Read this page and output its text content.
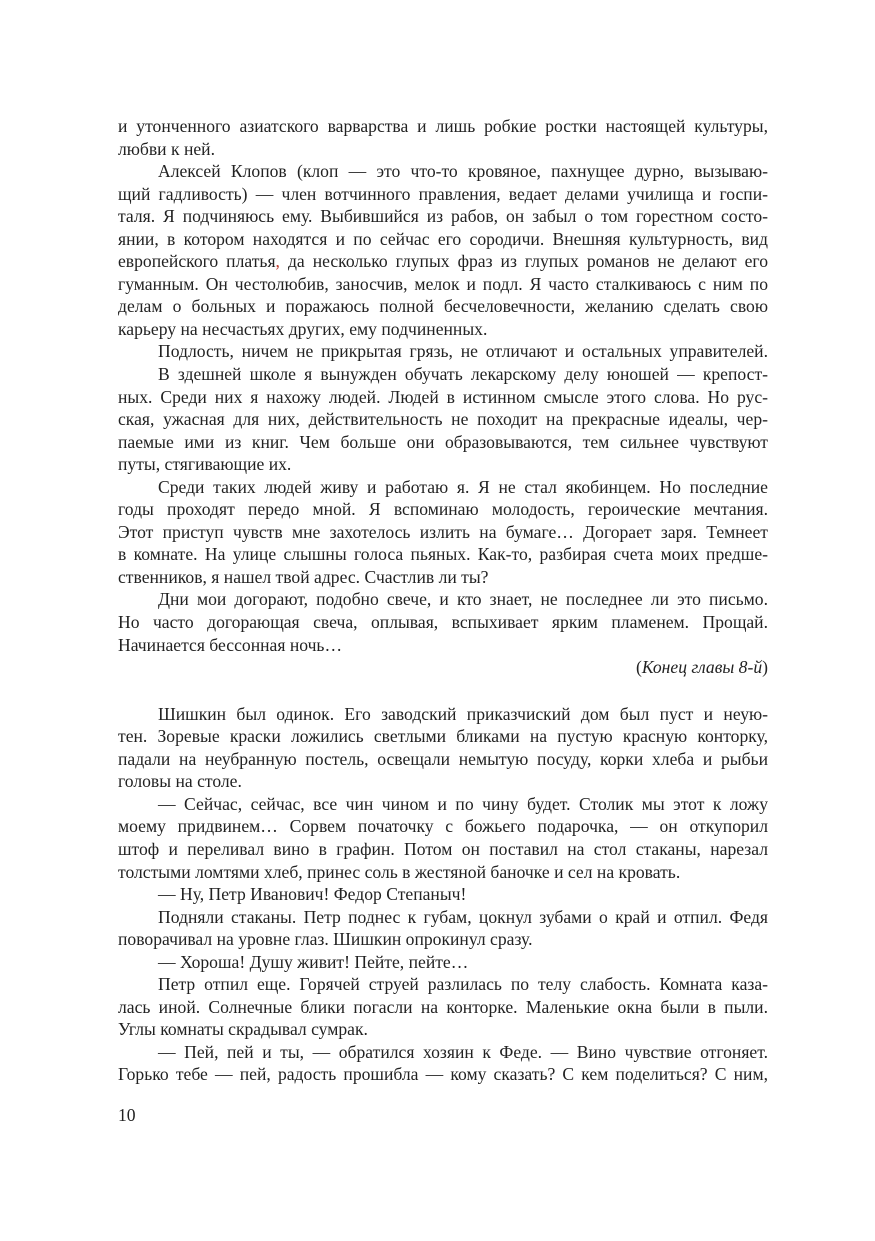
и утонченного азиатского варварства и лишь робкие ростки настоящей культуры,
любви к ней.
Алексей Клопов (клоп — это что-то кровяное, пахнущее дурно, вызываю-
щий гадливость) — член вотчинного правления, ведает делами училища и госпи-
таля. Я подчиняюсь ему. Выбившийся из рабов, он забыл о том горестном состо-
янии, в котором находятся и по сейчас его сородичи. Внешняя культурность, вид
европейского платья, да несколько глупых фраз из глупых романов не делают его
гуманным. Он честолюбив, заносчив, мелок и подл. Я часто сталкиваюсь с ним по
делам о больных и поражаюсь полной бесчеловечности, желанию сделать свою
карьеру на несчастьях других, ему подчиненных.
Подлость, ничем не прикрытая грязь, не отличают и остальных управителей.
В здешней школе я вынужден обучать лекарскому делу юношей — крепост-
ных. Среди них я нахожу людей. Людей в истинном смысле этого слова. Но рус-
ская, ужасная для них, действительность не походит на прекрасные идеалы, чер-
паемые ими из книг. Чем больше они образовываются, тем сильнее чувствуют
путы, стягивающие их.
Среди таких людей живу и работаю я. Я не стал якобинцем. Но последние
годы проходят передо мной. Я вспоминаю молодость, героические мечтания.
Этот приступ чувств мне захотелось излить на бумаге… Догорает заря. Темнеет
в комнате. На улице слышны голоса пьяных. Как-то, разбирая счета моих предше-
ственников, я нашел твой адрес. Счастлив ли ты?
Дни мои догорают, подобно свече, и кто знает, не последнее ли это письмо.
Но часто догорающая свеча, оплывая, вспыхивает ярким пламенем. Прощай.
Начинается бессонная ночь…
(Конец главы 8-й)
Шишкин был одинок. Его заводский приказчиский дом был пуст и неую-
тен. Зоревые краски ложились светлыми бликами на пустую красную конторку,
падали на неубранную постель, освещали немытую посуду, корки хлеба и рыбьи
головы на столе.
— Сейчас, сейчас, все чин чином и по чину будет. Столик мы этот к ложу
моему придвинем… Сорвем початочку с божьего подарочка, — он откупорил
штоф и переливал вино в графин. Потом он поставил на стол стаканы, нарезал
толстыми ломтями хлеб, принес соль в жестяной баночке и сел на кровать.
— Ну, Петр Иванович! Федор Степаныч!
Подняли стаканы. Петр поднес к губам, цокнул зубами о край и отпил. Федя
поворачивал на уровне глаз. Шишкин опрокинул сразу.
— Хороша! Душу живит! Пейте, пейте…
Петр отпил еще. Горячей струей разлилась по телу слабость. Комната каза-
лась иной. Солнечные блики погасли на конторке. Маленькие окна были в пыли.
Углы комнаты скрадывал сумрак.
— Пей, пей и ты, — обратился хозяин к Феде. — Вино чувствие отгоняет.
Горько тебе — пей, радость прошибла — кому сказать? С кем поделиться? С ним,
10
